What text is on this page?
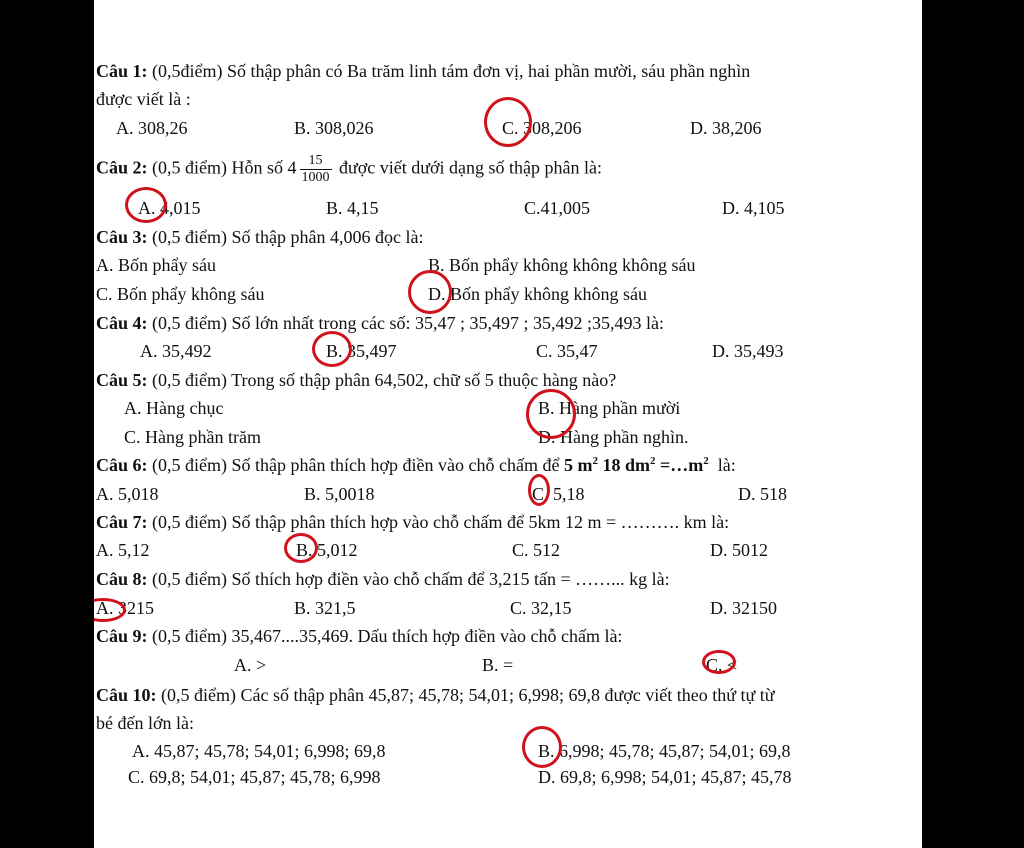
Câu 1: (0,5điểm) Số thập phân có Ba trăm linh tám đơn vị, hai phần mười, sáu phần nghìn
được viết là :
A. 308,26	B. 308,026	C. 308,206	D. 38,206
Câu 2: (0,5 điểm) Hỗn số $4 \frac{15}{1000}$ được viết dưới dạng số thập phân là:
A. 4,015	B. 4,15	C.41,005	D. 4,105
Câu 3: (0,5 điểm) Số thập phân 4,006 đọc là:
A. Bốn phẩy sáu	B. Bốn phẩy không không không sáu
C. Bốn phẩy không sáu	D. Bốn phẩy không không sáu
Câu 4: (0,5 điểm) Số lớn nhất trong các số: 35,47 ; 35,497 ; 35,492 ;35,493 là:
A. 35,492	B. 35,497	C. 35,47	D. 35,493
Câu 5: (0,5 điểm) Trong số thập phân 64,502, chữ số 5 thuộc hàng nào?
A. Hàng chục	B. Hàng phần mười
C. Hàng phần trăm	D. Hàng phần nghìn.
Câu 6: (0,5 điểm) Số thập phân thích hợp điền vào chỗ chấm để 5 $m^2$ 18 $dm^2$ $=\dots m^2$ là:
A. 5,018	B. 5,0018	C. 5,18	D. 518
Câu 7: (0,5 điểm) Số thập phân thích hợp vào chỗ chấm để 5km 12 m = ………. km là:
A. 5,12	B. 5,012	C. 512	D. 5012
Câu 8: (0,5 điểm) Số thích hợp điền vào chỗ chấm để 3,215 tấn = ……... kg là:
A. 3215	B. 321,5	C. 32,15	D. 32150
Câu 9: (0,5 điểm) 35,467....35,469. Dấu thích hợp điền vào chỗ chấm là:
A. >	B. =	C. <
Câu 10: (0,5 điểm) Các số thập phân 45,87; 45,78; 54,01; 6,998; 69,8 được viết theo thứ tự từ
bé đến lớn là:
A. 45,87; 45,78; 54,01; 6,998; 69,8	B. 6,998; 45,78; 45,87; 54,01; 69,8
C. 69,8; 54,01; 45,87; 45,78; 6,998	D. 69,8; 6,998; 54,01; 45,87; 45,78
